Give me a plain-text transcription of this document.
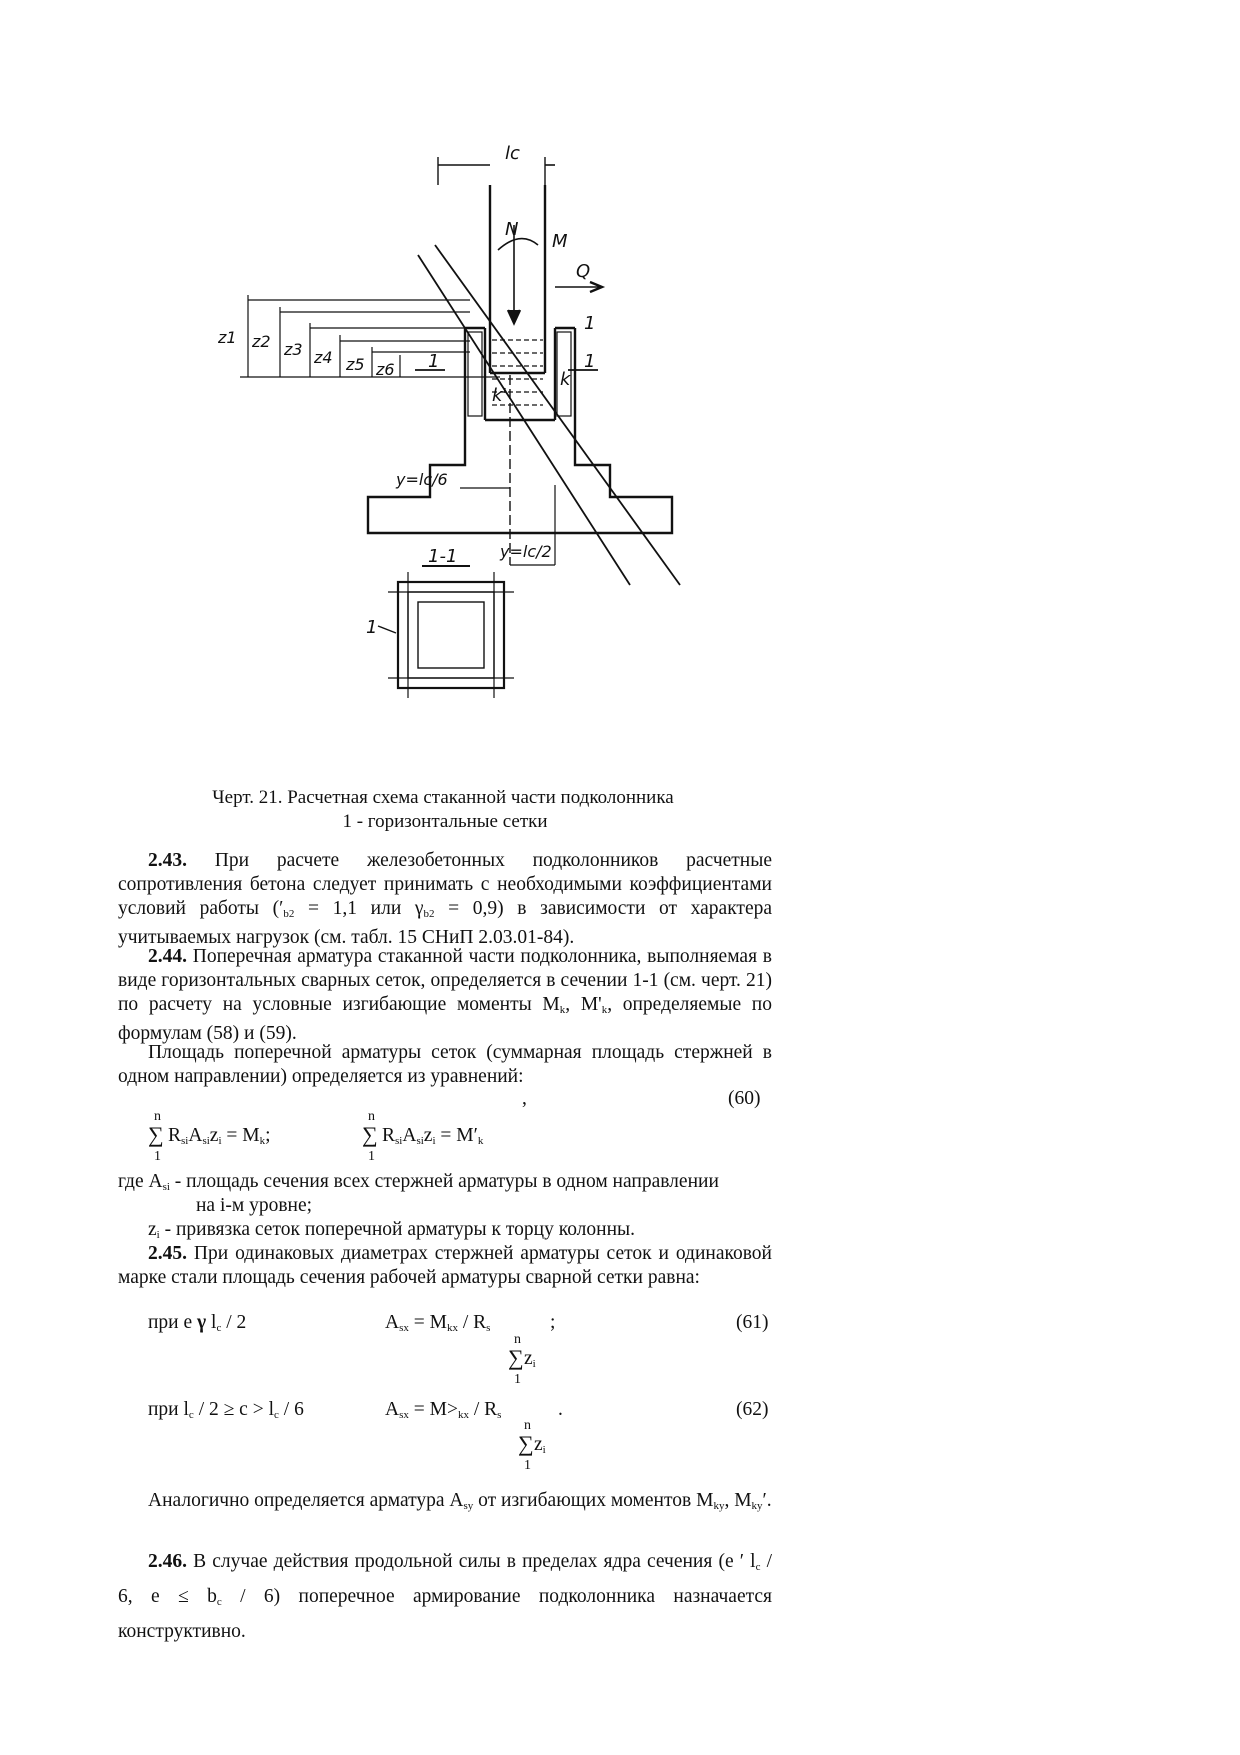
lc
N
M
Q
1
1
1
k
k'
z1 z2 z3 z4 z5 z6
y=lc/6
y=lc/2
1-1
1
Черт. 21. Расчетная схема стаканной части подколонника
1 - горизонтальные сетки
2.43. При расчете железобетонных подколонников расчетные сопротивления бетона следует принимать с необходимыми коэффициентами условий работы ($'_{b2} = 1,1$ или $\gamma_{b2} = 0,9$) в зависимости от характера учитываемых нагрузок (см. табл. 15 СНиП 2.03.01-84).
2.44. Поперечная арматура стаканной части подколонника, выполняемая в виде горизонтальных сварных сеток, определяется в сечении 1-1 (см. черт. 21) по расчету на условные изгибающие моменты $M_k$, $M'_k$, определяемые по формулам (58) и (59).
Площадь поперечной арматуры сеток (суммарная площадь стержней в одном направлении) определяется из уравнений:
,	(60)
n
∑
1
$R_{si}A_{si}z_i = M_k$;
n
∑
1
$R_{si}A_{si}z_i = M'_k$
где $A_{si}$ - площадь сечения всех стержней арматуры в одном направлении
на i-м уровне;
$z_i$ - привязка сеток поперечной арматуры к торцу колонны.
2.45. При одинаковых диаметрах стержней арматуры сеток и одинаковой марке стали площадь сечения рабочей арматуры сварной сетки равна:
при e γ $l_c / 2$	$A_{sx} = M_{kx} / R_s$	;	(61)
n
∑ $z_i$
1
при $l_c / 2 \ge c > l_c / 6$	$A_{sx} = M>_{kx} / R_s$	.	(62)
n
∑ $z_i$
1
Аналогично определяется арматура $A_{sy}$ от изгибающих моментов $M_{ky}$, $M_{ky}'$.
2.46. В случае действия продольной силы в пределах ядра сечения (e ′ $l_c / 6$, $e \le b_c / 6$) поперечное армирование подколонника назначается конструктивно.
